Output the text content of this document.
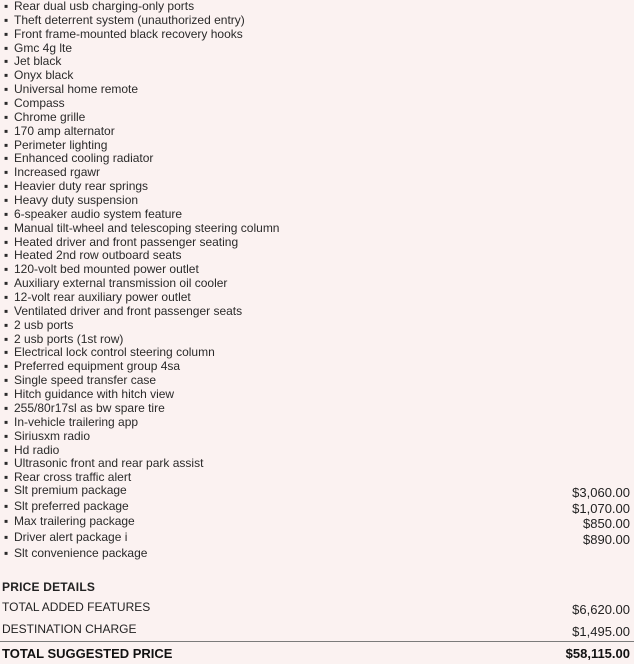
▪ Rear dual usb charging-only ports
▪ Theft deterrent system (unauthorized entry)
▪ Front frame-mounted black recovery hooks
▪ Gmc 4g lte
▪ Jet black
▪ Onyx black
▪ Universal home remote
▪ Compass
▪ Chrome grille
▪ 170 amp alternator
▪ Perimeter lighting
▪ Enhanced cooling radiator
▪ Increased rgawr
▪ Heavier duty rear springs
▪ Heavy duty suspension
▪ 6-speaker audio system feature
▪ Manual tilt-wheel and telescoping steering column
▪ Heated driver and front passenger seating
▪ Heated 2nd row outboard seats
▪ 120-volt bed mounted power outlet
▪ Auxiliary external transmission oil cooler
▪ 12-volt rear auxiliary power outlet
▪ Ventilated driver and front passenger seats
▪ 2 usb ports
▪ 2 usb ports (1st row)
▪ Electrical lock control steering column
▪ Preferred equipment group 4sa
▪ Single speed transfer case
▪ Hitch guidance with hitch view
▪ 255/80r17sl as bw spare tire
▪ In-vehicle trailering app
▪ Siriusxm radio
▪ Hd radio
▪ Ultrasonic front and rear park assist
▪ Rear cross traffic alert
▪ Slt premium package	$3,060.00
▪ Slt preferred package	$1,070.00
▪ Max trailering package	$850.00
▪ Driver alert package i	$890.00
▪ Slt convenience package
PRICE DETAILS
TOTAL ADDED FEATURES	$6,620.00
DESTINATION CHARGE	$1,495.00
TOTAL SUGGESTED PRICE	$58,115.00
